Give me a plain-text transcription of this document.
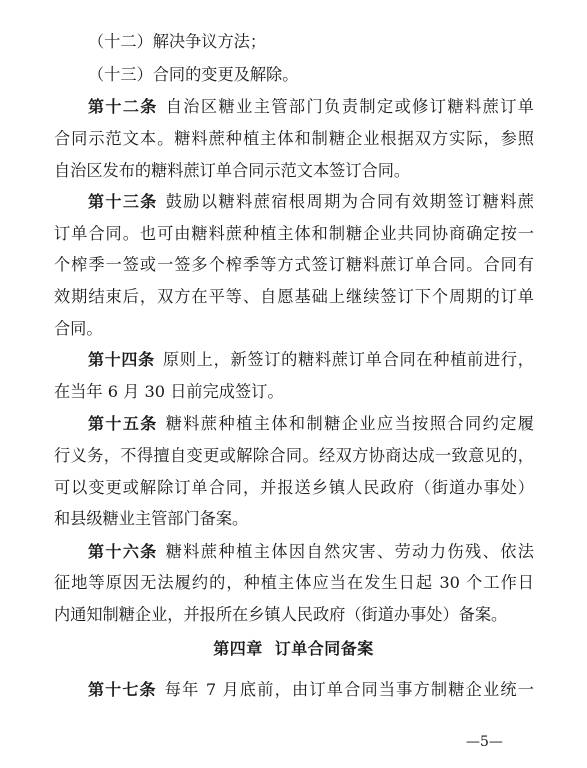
（十二）解决争议方法；
（十三）合同的变更及解除。
第十二条 自治区糖业主管部门负责制定或修订糖料蔗订单
合同示范文本。糖料蔗种植主体和制糖企业根据双方实际，参照
自治区发布的糖料蔗订单合同示范文本签订合同。
第十三条 鼓励以糖料蔗宿根周期为合同有效期签订糖料蔗
订单合同。也可由糖料蔗种植主体和制糖企业共同协商确定按一
个榨季一签或一签多个榨季等方式签订糖料蔗订单合同。合同有
效期结束后，双方在平等、自愿基础上继续签订下个周期的订单
合同。
第十四条 原则上，新签订的糖料蔗订单合同在种植前进行，
在当年 6 月 30 日前完成签订。
第十五条 糖料蔗种植主体和制糖企业应当按照合同约定履
行义务，不得擅自变更或解除合同。经双方协商达成一致意见的，
可以变更或解除订单合同，并报送乡镇人民政府（街道办事处）
和县级糖业主管部门备案。
第十六条 糖料蔗种植主体因自然灾害、劳动力伤残、依法
征地等原因无法履约的，种植主体应当在发生日起 30 个工作日
内通知制糖企业，并报所在乡镇人民政府（街道办事处）备案。
第四章 订单合同备案
第十七条 每年 7 月底前，由订单合同当事方制糖企业统一
—5—
